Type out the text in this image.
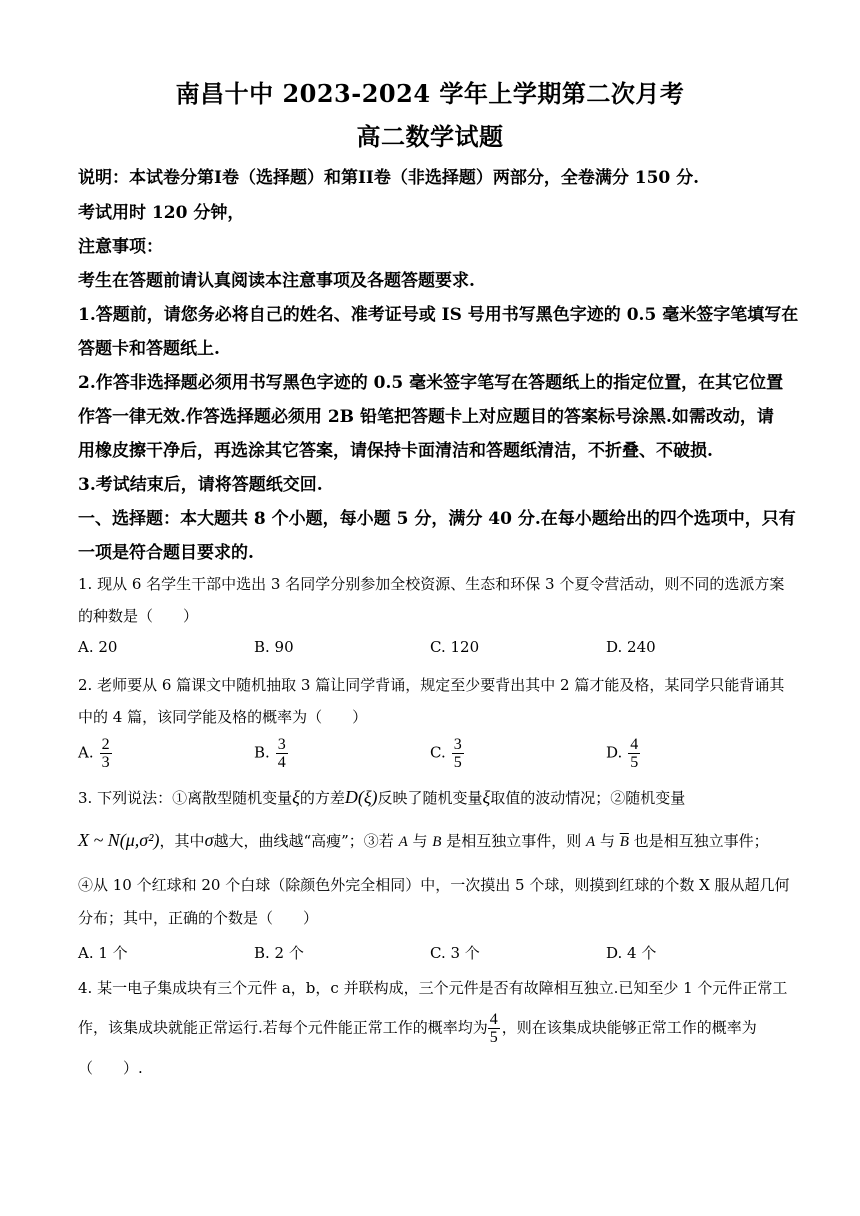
南昌十中 2023-2024 学年上学期第二次月考
高二数学试题
说明：本试卷分第I卷（选择题）和第II卷（非选择题）两部分，全卷满分 150 分.
考试用时 120 分钟，
注意事项：
考生在答题前请认真阅读本注意事项及各题答题要求.
1.答题前，请您务必将自己的姓名、准考证号或 IS 号用书写黑色字迹的 0.5 毫米签字笔填写在
答题卡和答题纸上.
2.作答非选择题必须用书写黑色字迹的 0.5 毫米签字笔写在答题纸上的指定位置，在其它位置
作答一律无效.作答选择题必须用 2B 铅笔把答题卡上对应题目的答案标号涂黑.如需改动，请
用橡皮擦干净后，再选涂其它答案，请保持卡面清洁和答题纸清洁，不折叠、不破损.
3.考试结束后，请将答题纸交回.
一、选择题：本大题共 8 个小题，每小题 5 分，满分 40 分.在每小题给出的四个选项中，只有
一项是符合题目要求的.
1. 现从 6 名学生干部中选出 3 名同学分别参加全校资源、生态和环保 3 个夏令营活动，则不同的选派方案
的种数是（　　）
A. 20	B. 90	C. 120	D. 240
2. 老师要从 6 篇课文中随机抽取 3 篇让同学背诵，规定至少要背出其中 2 篇才能及格，某同学只能背诵其
中的 4 篇，该同学能及格的概率为（　　）
A. $\frac{2}{3}$	B. $\frac{3}{4}$	C. $\frac{3}{5}$	D. $\frac{4}{5}$
3. 下列说法：①离散型随机变量ξ的方差D(ξ)反映了随机变量ξ取值的波动情况；②随机变量
X ~ N(μ,σ²)，其中σ越大，曲线越“高瘦”；③若 A 与 B 是相互独立事件，则 A 与 $\overline{B}$ 也是相互独立事件；
④从 10 个红球和 20 个白球（除颜色外完全相同）中，一次摸出 5 个球，则摸到红球的个数 X 服从超几何
分布；其中，正确的个数是（　　）
A. 1 个	B. 2 个	C. 3 个	D. 4 个
4. 某一电子集成块有三个元件 a，b，c 并联构成，三个元件是否有故障相互独立.已知至少 1 个元件正常工
作，该集成块就能正常运行.若每个元件能正常工作的概率均为 $\frac{4}{5}$ ，则在该集成块能够正常工作的概率为
（　　）.
